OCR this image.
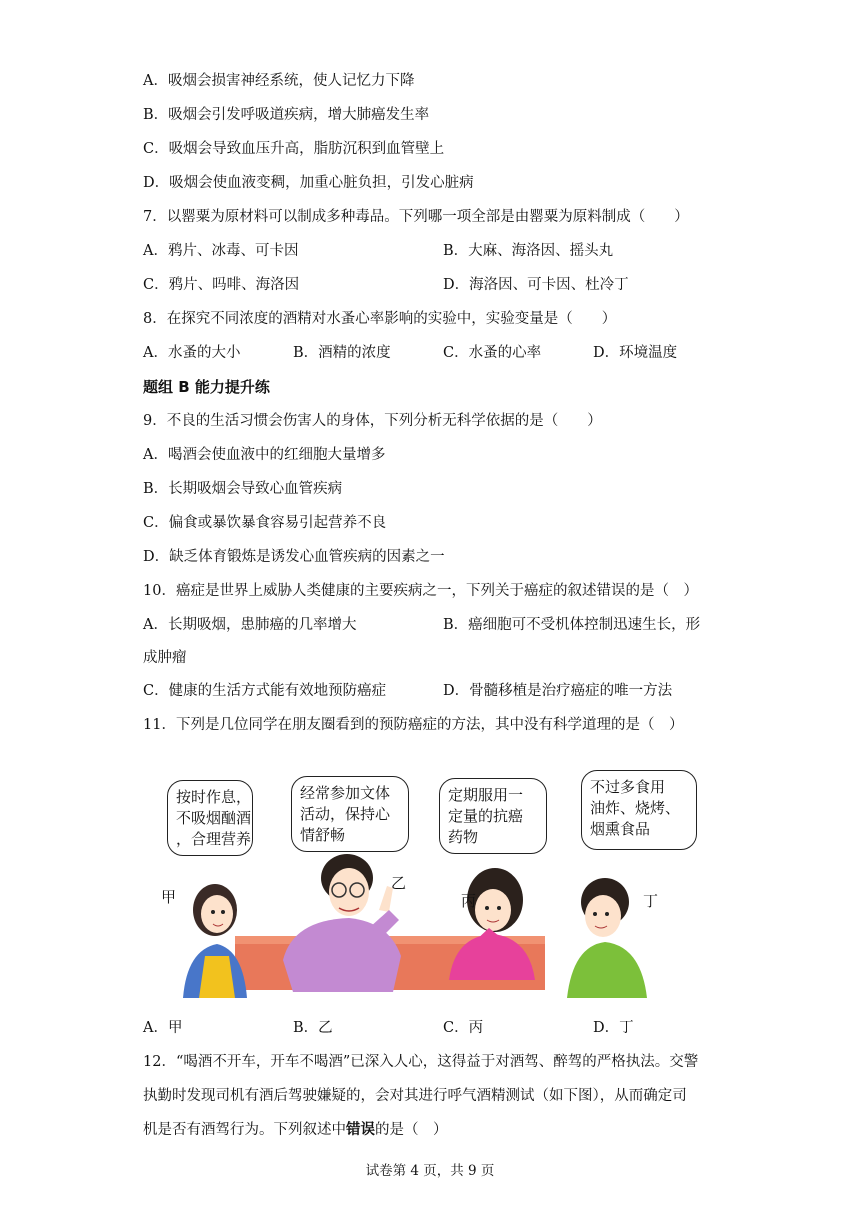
A．吸烟会损害神经系统，使人记忆力下降
B．吸烟会引发呼吸道疾病，增大肺癌发生率
C．吸烟会导致血压升高，脂肪沉积到血管壁上
D．吸烟会使血液变稠，加重心脏负担，引发心脏病
7．以罂粟为原材料可以制成多种毒品。下列哪一项全部是由罂粟为原料制成（　　）
A．鸦片、冰毒、可卡因	B．大麻、海洛因、摇头丸
C．鸦片、吗啡、海洛因	D．海洛因、可卡因、杜冷丁
8．在探究不同浓度的酒精对水蚤心率影响的实验中，实验变量是（　　）
A．水蚤的大小	B．酒精的浓度	C．水蚤的心率	D．环境温度
题组 B 能力提升练
9．不良的生活习惯会伤害人的身体，下列分析无科学依据的是（　　）
A．喝酒会使血液中的红细胞大量增多
B．长期吸烟会导致心血管疾病
C．偏食或暴饮暴食容易引起营养不良
D．缺乏体育锻炼是诱发心血管疾病的因素之一
10．癌症是世界上威胁人类健康的主要疾病之一，下列关于癌症的叙述错误的是（　）
A．长期吸烟，患肺癌的几率增大	B．癌细胞可不受机体控制迅速生长，形
成肿瘤
C．健康的生活方式能有效地预防癌症	D．骨髓移植是治疗癌症的唯一方法
11．下列是几位同学在朋友圈看到的预防癌症的方法，其中没有科学道理的是（　）
按时作息，
不吸烟酗酒
，合理营养
经常参加文体
活动，保持心
情舒畅
定期服用一
定量的抗癌
药物
不过多食用
油炸、烧烤、
烟熏食品
甲
乙
丙	丁
A．甲	B．乙	C．丙	D．丁
12．“喝酒不开车，开车不喝酒”已深入人心，这得益于对酒驾、醉驾的严格执法。交警
执勤时发现司机有酒后驾驶嫌疑的，会对其进行呼气酒精测试（如下图），从而确定司
机是否有酒驾行为。下列叙述中错误的是（　）
试卷第 4 页，共 9 页
